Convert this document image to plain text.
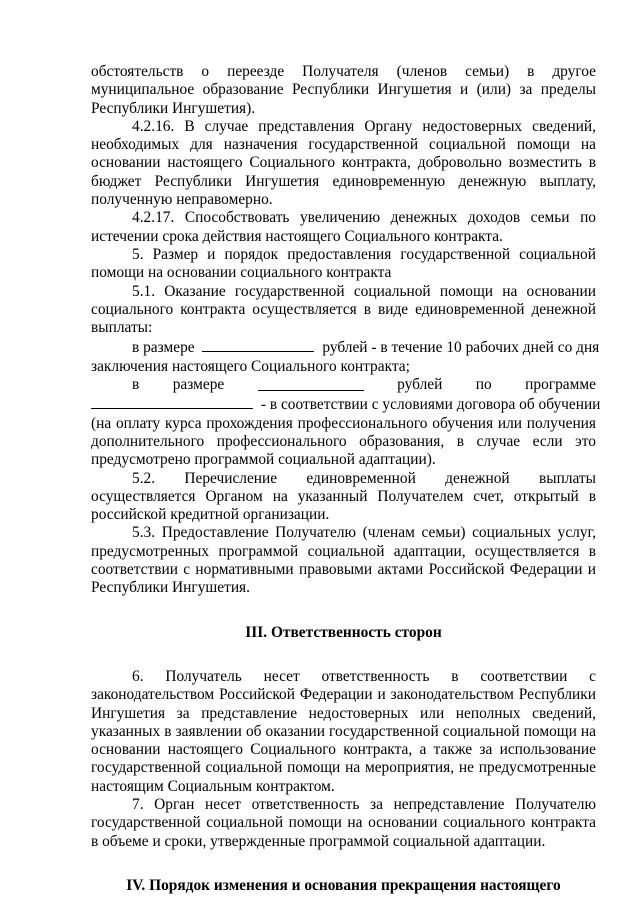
обстоятельств о переезде Получателя (членов семьи) в другое

муниципальное образование Республики Ингушетия и (или) за пределы

Республики Ингушетия).

4.2.16. В случае представления Органу недостоверных сведений, необходимых для назначения государственной социальной помощи на основании настоящего Социального контракта, добровольно возместить в бюджет Республики Ингушетия единовременную денежную выплату, полученную неправомерно.

4.2.17. Способствовать увеличению денежных доходов семьи по истечении срока действия настоящего Социального контракта.

5. Размер и порядок предоставления государственной социальной помощи на основании социального контракта

5.1. Оказание государственной социальной помощи на основании социального контракта осуществляется в виде единовременной денежной выплаты:

в размере	рублей - в течение 10 рабочих дней со дня

заключения настоящего Социального контракта;

в размере	рублей по программе
- в соответствии с условиями договора об обучении

(на оплату курса прохождения профессионального обучения или получения дополнительного профессионального образования, в случае если это предусмотрено программой социальной адаптации).

5.2. Перечисление единовременной денежной выплаты осуществляется Органом на указанный Получателем счет, открытый в российской кредитной организации.

5.3. Предоставление Получателю (членам семьи) социальных услуг, предусмотренных программой социальной адаптации, осуществляется в соответствии с нормативными правовыми актами Российской Федерации и Республики Ингушетия.

III. Ответственность сторон

6. Получатель несет ответственность в соответствии с законодательством Российской Федерации и законодательством Республики Ингушетия за представление недостоверных или неполных сведений, указанных в заявлении об оказании государственной социальной помощи на основании настоящего Социального контракта, а также за использование государственной социальной помощи на мероприятия, не предусмотренные настоящим Социальным контрактом.

7. Орган несет ответственность за непредставление Получателю государственной социальной помощи на основании социального контракта в объеме и сроки, утвержденные программой социальной адаптации.

IV. Порядок изменения и основания прекращения настоящего
